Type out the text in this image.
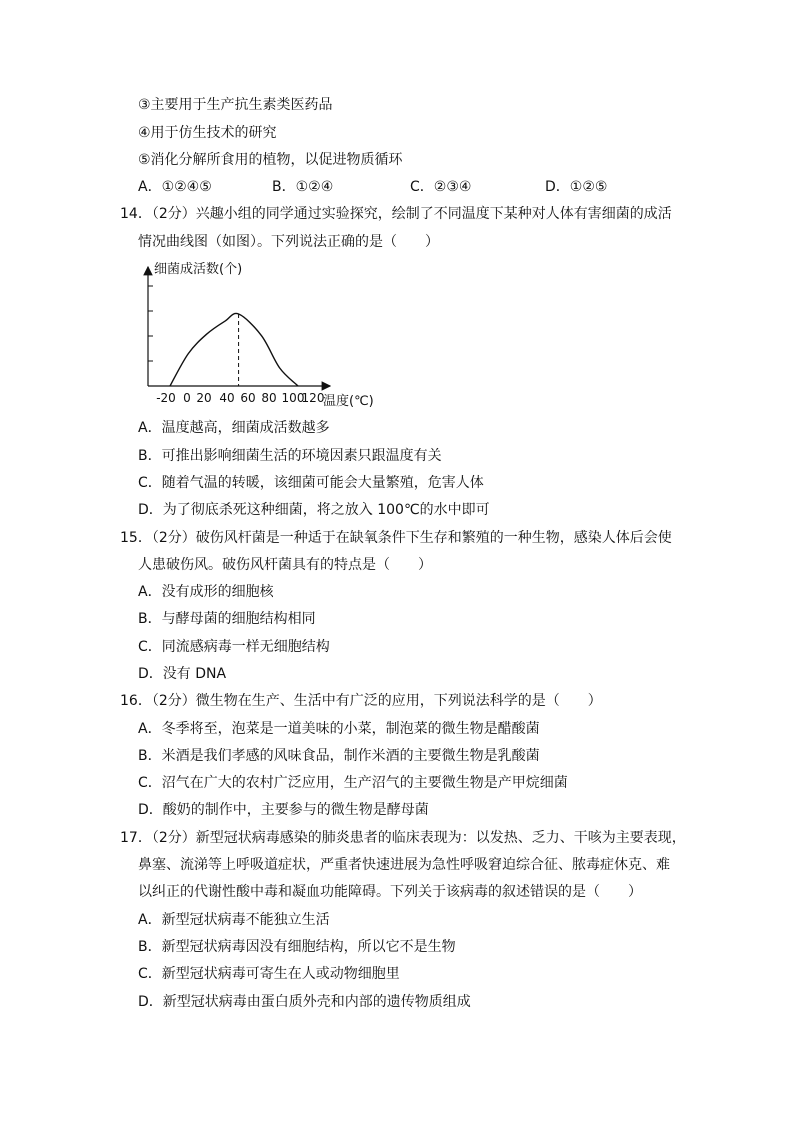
③主要用于生产抗生素类医药品
④用于仿生技术的研究
⑤消化分解所食用的植物，以促进物质循环
A．①②④⑤	B．①②④	C．②③④	D．①②⑤
14．（2分）兴趣小组的同学通过实验探究，绘制了不同温度下某种对人体有害细菌的成活
情况曲线图（如图）。下列说法正确的是（　　）
细菌成活数(个)
-20 0 20 40 60 80 100
120
温度(℃)
A．温度越高，细菌成活数越多
B．可推出影响细菌生活的环境因素只跟温度有关
C．随着气温的转暖，该细菌可能会大量繁殖，危害人体
D．为了彻底杀死这种细菌，将之放入 100℃的水中即可
15．（2分）破伤风杆菌是一种适于在缺氧条件下生存和繁殖的一种生物，感染人体后会使
人患破伤风。破伤风杆菌具有的特点是（　　）
A．没有成形的细胞核
B．与酵母菌的细胞结构相同
C．同流感病毒一样无细胞结构
D．没有 DNA
16．（2分）微生物在生产、生活中有广泛的应用，下列说法科学的是（　　）
A．冬季将至，泡菜是一道美味的小菜，制泡菜的微生物是醋酸菌
B．米酒是我们孝感的风味食品，制作米酒的主要微生物是乳酸菌
C．沼气在广大的农村广泛应用，生产沼气的主要微生物是产甲烷细菌
D．酸奶的制作中，主要参与的微生物是酵母菌
17．（2分）新型冠状病毒感染的肺炎患者的临床表现为：以发热、乏力、干咳为主要表现，
鼻塞、流涕等上呼吸道症状，严重者快速进展为急性呼吸窘迫综合征、脓毒症休克、难
以纠正的代谢性酸中毒和凝血功能障碍。下列关于该病毒的叙述错误的是（　　）
A．新型冠状病毒不能独立生活
B．新型冠状病毒因没有细胞结构，所以它不是生物
C．新型冠状病毒可寄生在人或动物细胞里
D．新型冠状病毒由蛋白质外壳和内部的遗传物质组成
